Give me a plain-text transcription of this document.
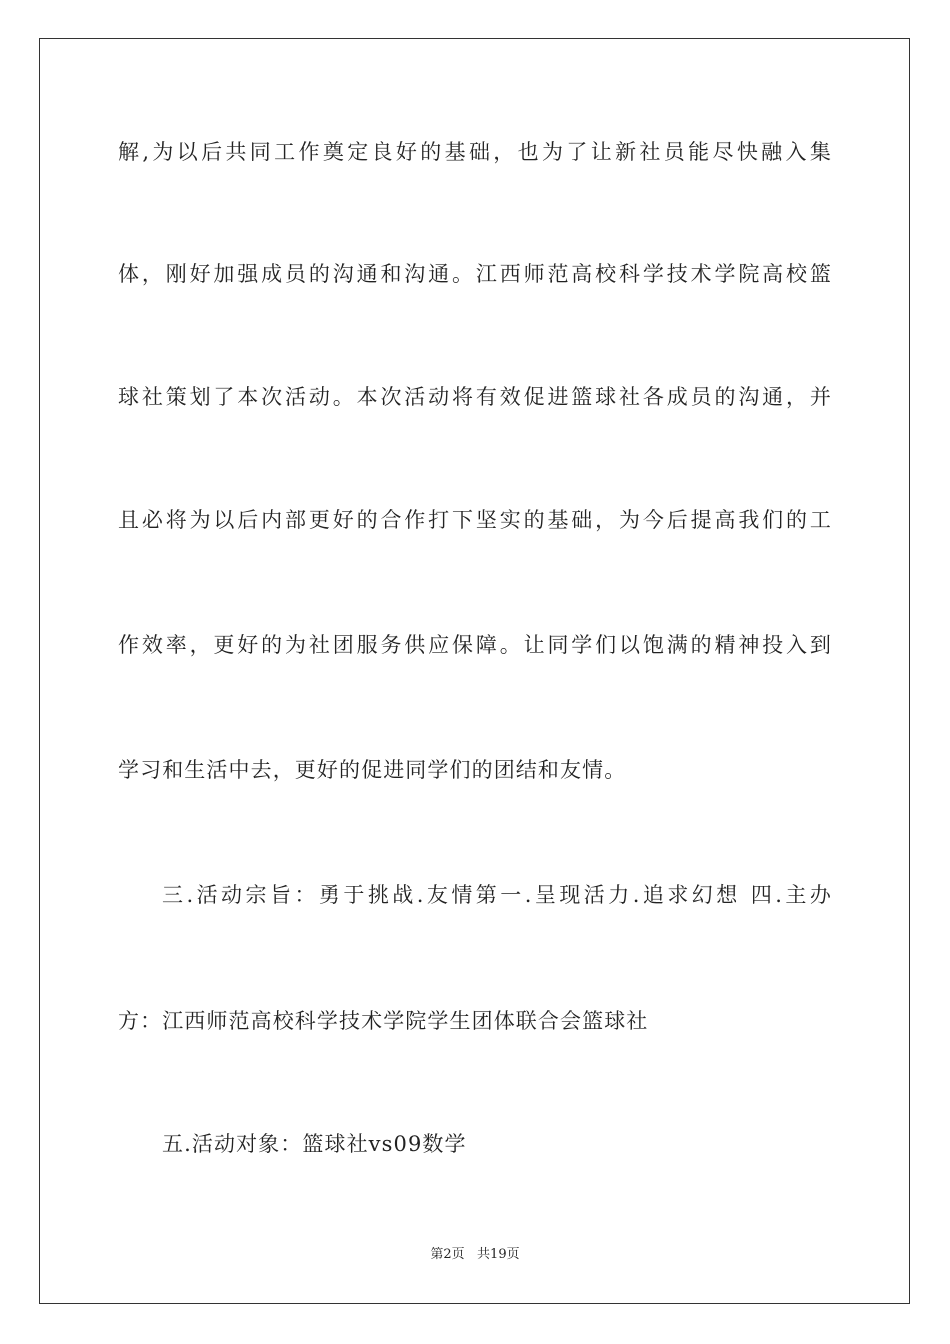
解,为以后共同工作奠定良好的基础，也为了让新社员能尽快融入集

体，刚好加强成员的沟通和沟通。江西师范高校科学技术学院高校篮

球社策划了本次活动。本次活动将有效促进篮球社各成员的沟通，并

且必将为以后内部更好的合作打下坚实的基础，为今后提高我们的工

作效率，更好的为社团服务供应保障。让同学们以饱满的精神投入到

学习和生活中去，更好的促进同学们的团结和友情。

三.活动宗旨：勇于挑战.友情第一.呈现活力.追求幻想 四.主办

方：江西师范高校科学技术学院学生团体联合会篮球社

五.活动对象：篮球社vs09数学

第2页   共19页
